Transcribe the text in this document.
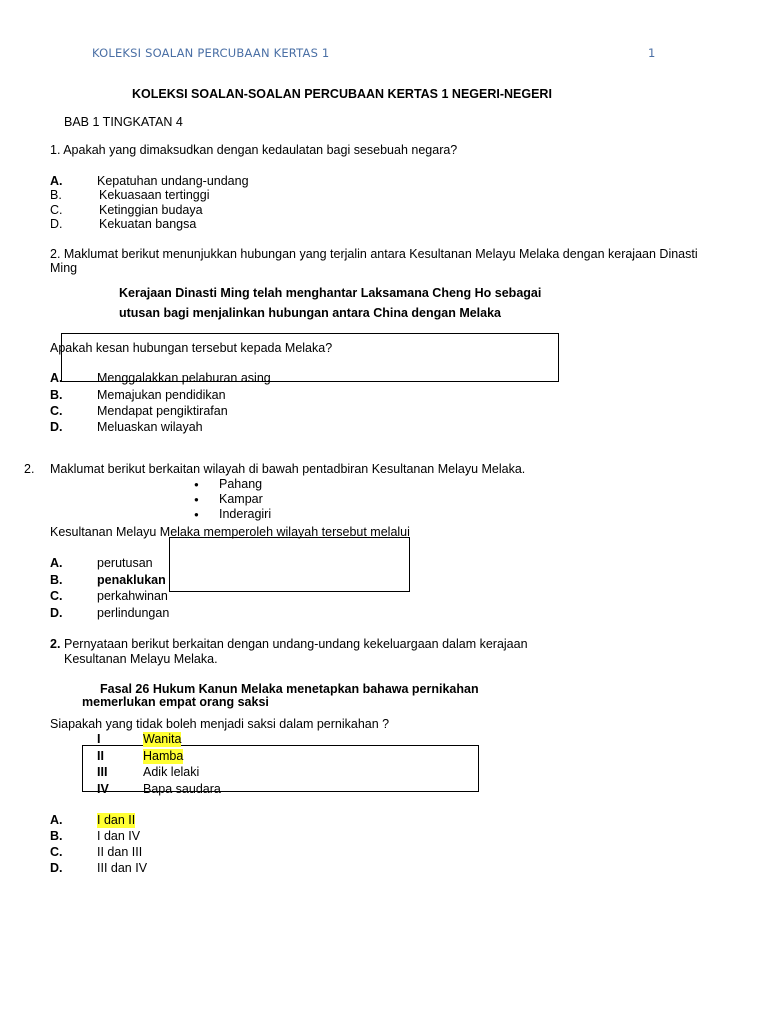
KOLEKSI SOALAN PERCUBAAN KERTAS 1	1
KOLEKSI SOALAN-SOALAN PERCUBAAN KERTAS 1 NEGERI-NEGERI
BAB 1 TINGKATAN 4
1. Apakah yang dimaksudkan dengan kedaulatan bagi sesebuah negara?
A.	Kepatuhan undang-undang
B.	Kekuasaan tertinggi
C.	Ketinggian budaya
D.	Kekuatan bangsa
2. Maklumat berikut menunjukkan hubungan yang terjalin antara Kesultanan Melayu Melaka dengan kerajaan Dinasti
Ming
Kerajaan Dinasti Ming telah menghantar Laksamana Cheng Ho sebagai
utusan bagi menjalinkan hubungan antara China dengan Melaka
Apakah kesan hubungan tersebut kepada Melaka?
A.	Menggalakkan pelaburan asing
B.	Memajukan pendidikan
C.	Mendapat pengiktirafan
D.	Meluaskan wilayah
2. Maklumat berikut berkaitan wilayah di bawah pentadbiran Kesultanan Melayu Melaka.
● Pahang
● Kampar
● Inderagiri
Kesultanan Melayu Melaka memperoleh wilayah tersebut melalui
A.	perutusan
B.	penaklukan
C.	perkahwinan
D.	perlindungan
2. Pernyataan berikut berkaitan dengan undang-undang kekeluargaan dalam kerajaan
Kesultanan Melayu Melaka.
Fasal 26 Hukum Kanun Melaka menetapkan bahawa pernikahan
memerlukan empat orang saksi
Siapakah yang tidak boleh menjadi saksi dalam pernikahan ?
I	Wanita
II	Hamba
III	Adik lelaki
IV	Bapa saudara
A.	I dan II
B.	I dan IV
C.	II dan III
D.	III dan IV
